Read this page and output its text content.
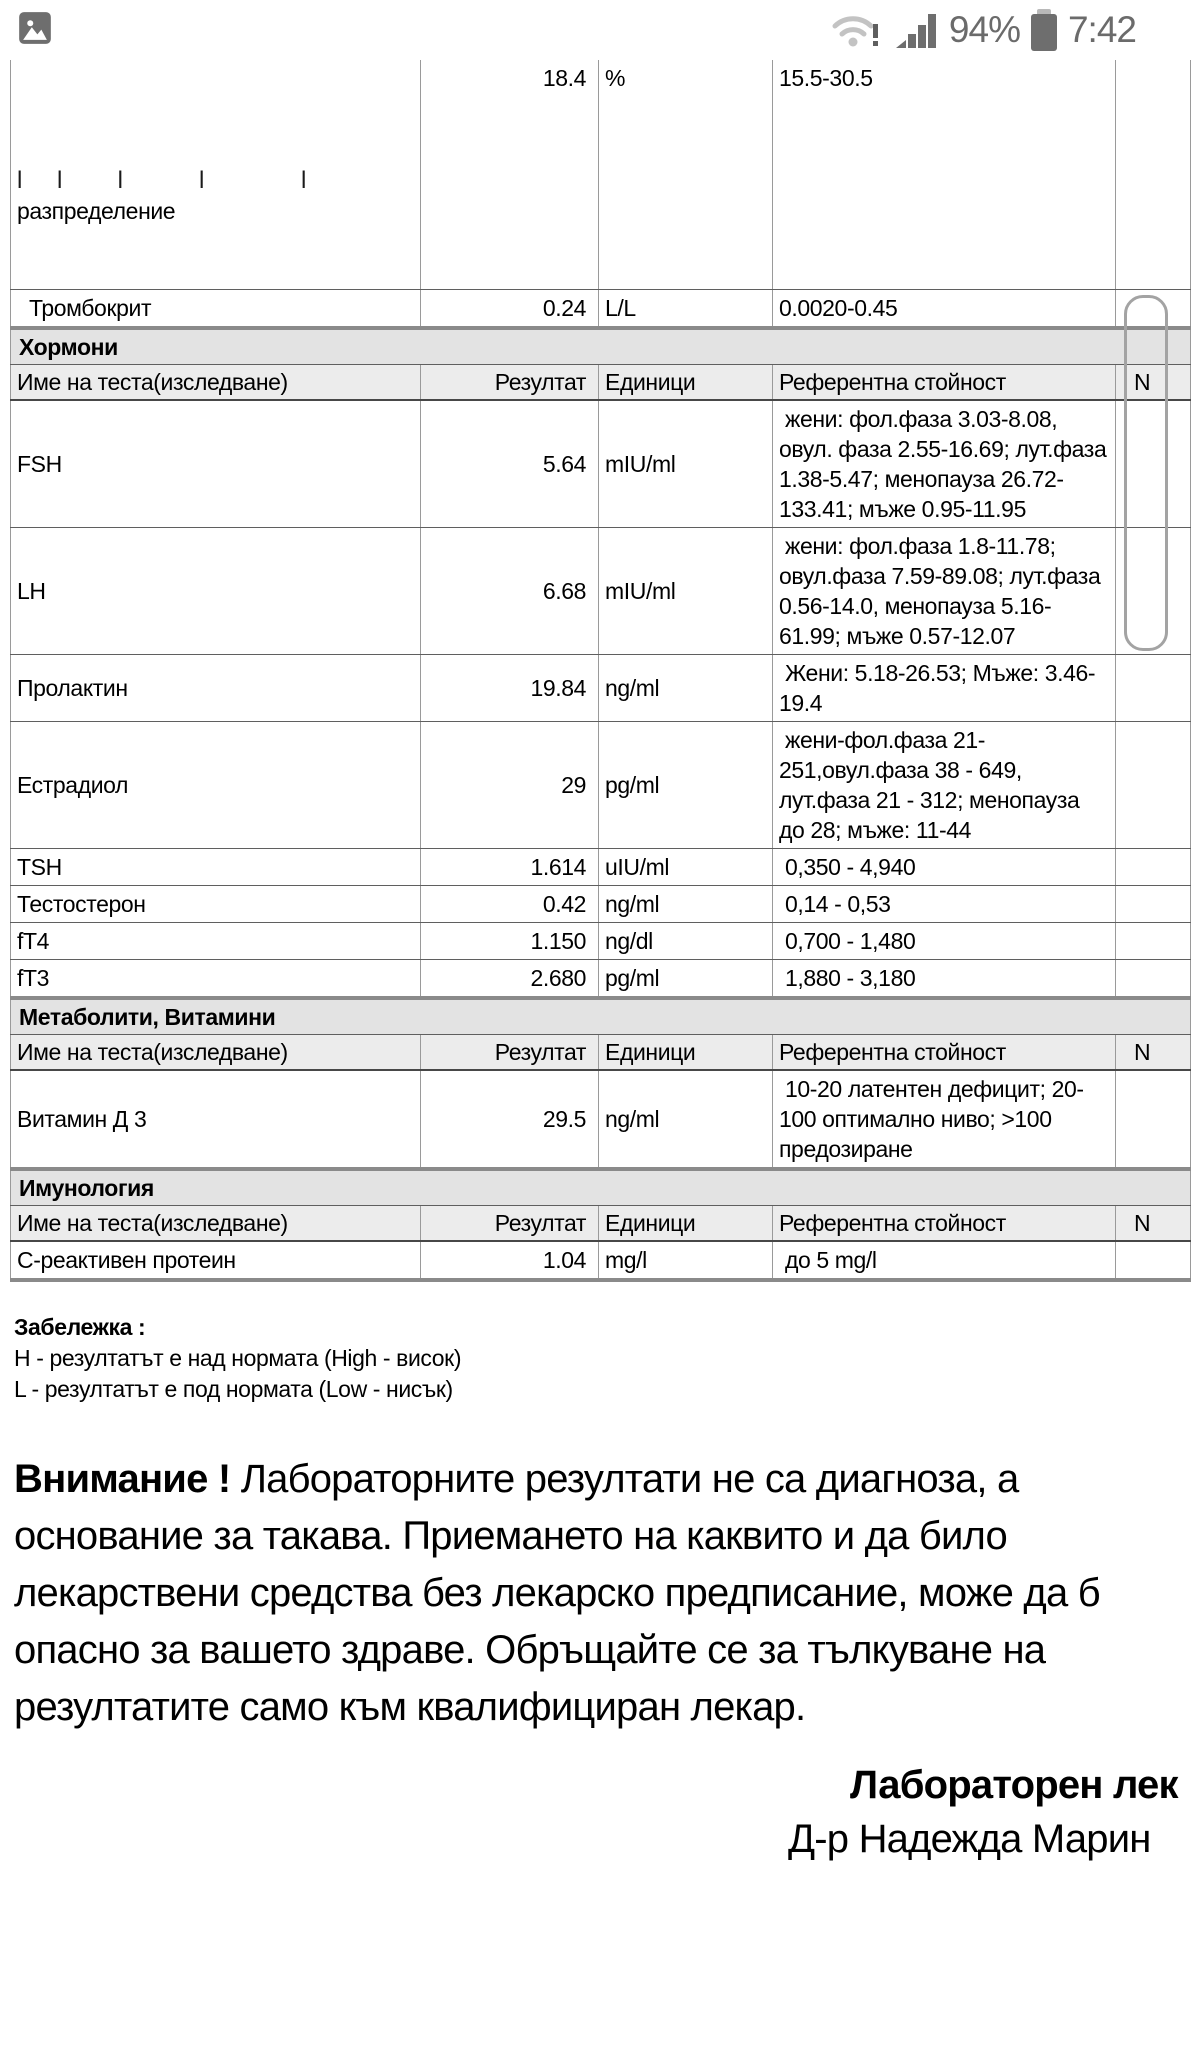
94% 7:42

l l  l   l    l

разпределение	18.4	%	15.5-30.5	
Тромбокрит	0.24	L/L	0.0020-0.45	
Хормони				
Име на теста(изследване)	Резултат	Единици	Референтна стойност	N
FSH	5.64	mIU/ml	жени: фол.фаза 3.03-8.08, овул. фаза 2.55-16.69; лут.фаза 1.38-5.47; менопауза 26.72-133.41; мъже 0.95-11.95	
LH	6.68	mIU/ml	жени: фол.фаза 1.8-11.78; овул.фаза 7.59-89.08; лут.фаза 0.56-14.0, менопауза 5.16-61.99; мъже 0.57-12.07	
Пролактин	19.84	ng/ml	Жени: 5.18-26.53; Мъже: 3.46-19.4	
Естрадиол	29	pg/ml	жени-фол.фаза 21-251,овул.фаза 38 - 649, лут.фаза 21 - 312; менопауза до 28; мъже: 11-44	
TSH	1.614	uIU/ml	0,350 - 4,940	
Тестостерон	0.42	ng/ml	0,14 - 0,53	
fT4	1.150	ng/dl	0,700 - 1,480	
fT3	2.680	pg/ml	1,880 - 3,180	
Метаболити, Витамини				
Име на теста(изследване)	Резултат	Единици	Референтна стойност	N
Витамин Д 3	29.5	ng/ml	10-20 латентен дефицит; 20-100 оптимално ниво; >100 предозиране	
Имунология				
Име на теста(изследване)	Резултат	Единици	Референтна стойност	N
C-реактивен протеин	1.04	mg/l	до 5 mg/l	
Забележка :
H - резултатът е над нормата (High - висок)
L - резултатът е под нормата (Low - нисък)
Внимание ! Лабораторните резултати не са диагноза, а
основание за такава. Приемането на каквито и да било
лекарствени средства без лекарско предписание, може да б
опасно за вашето здраве. Обръщайте се за тълкуване на
резултатите само към квалифициран лекар.
Лабораторен лек
Д-р Надежда Марин
